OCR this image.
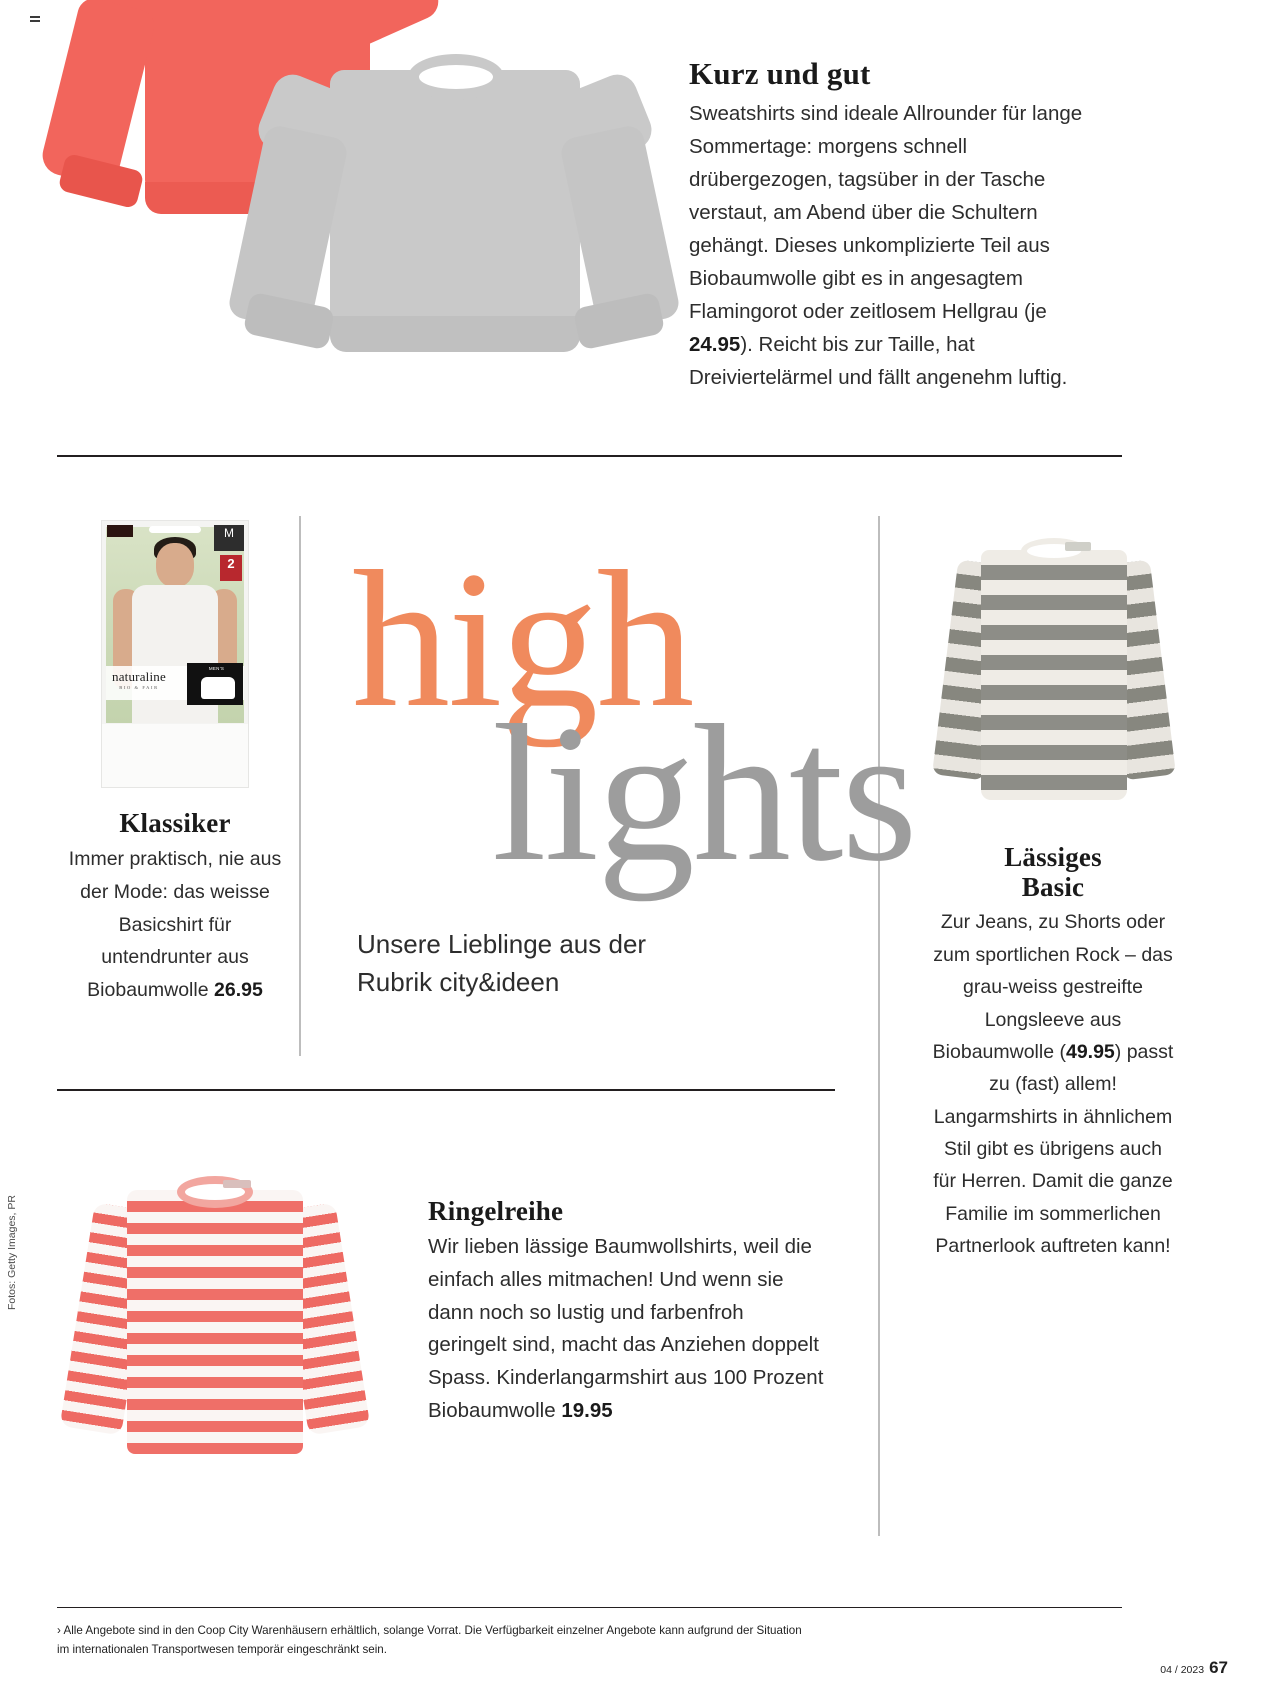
Kurz und gut

Sweatshirts sind ideale Allrounder für lange Sommertage: morgens schnell drübergezogen, tagsüber in der Tasche verstaut, am Abend über die Schultern gehängt. Dieses unkomplizierte Teil aus Biobaumwolle gibt es in angesagtem Flamingorot oder zeitlosem Hellgrau (je 24.95). Reicht bis zur Taille, hat Dreiviertelärmel und fällt angenehm luftig.

M
2
naturaline
BIO & FAIR
MEN'S
Klassiker

Immer praktisch, nie aus der Mode: das weisse Basicshirt für untendrunter aus Biobaumwolle 26.95

high
lights

Unsere Lieblinge aus der

Rubrik city&ideen

Lässiges
Basic

Zur Jeans, zu Shorts oder zum sportlichen Rock – das grau-weiss gestreifte Longsleeve aus Biobaumwolle (49.95) passt zu (fast) allem! Langarmshirts in ähnlichem Stil gibt es übrigens auch für Herren. Damit die ganze Familie im sommerlichen Partnerlook auftreten kann!

Ringelreihe

Wir lieben lässige Baumwollshirts, weil die einfach alles mitmachen! Und wenn sie dann noch so lustig und farbenfroh geringelt sind, macht das Anziehen doppelt Spass. Kinderlangarmshirt aus 100 Prozent Biobaumwolle 19.95

› Alle Angebote sind in den Coop City Warenhäusern erhältlich, solange Vorrat. Die Verfügbarkeit einzelner Angebote kann aufgrund der Situation im internationalen Transportwesen temporär eingeschränkt sein.
04 / 2023 67
Fotos: Getty Images, PR
